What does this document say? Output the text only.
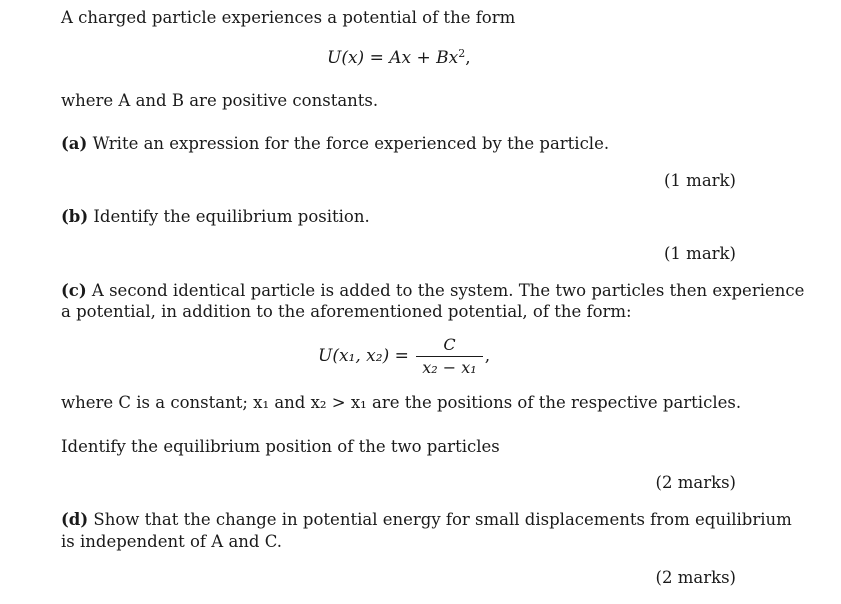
A charged particle experiences a potential of the form
$U(x) = Ax + Bx^2$,
where A and B are positive constants.
(a) Write an expression for the force experienced by the particle.
(1 mark)
(b) Identify the equilibrium position.
(1 mark)
(c) A second identical particle is added to the system. The two particles then experience
a potential, in addition to the aforementioned potential, of the form:
U(x₁, $x_2) = \frac{C}{\text{x₂ − x₁}}$ ,
where C is a constant; x₁ and x₂ > x₁ are the positions of the respective particles.
Identify the equilibrium position of the two particles
(2 marks)
(d) Show that the change in potential energy for small displacements from equilibrium
is independent of A and C.
(2 marks)
